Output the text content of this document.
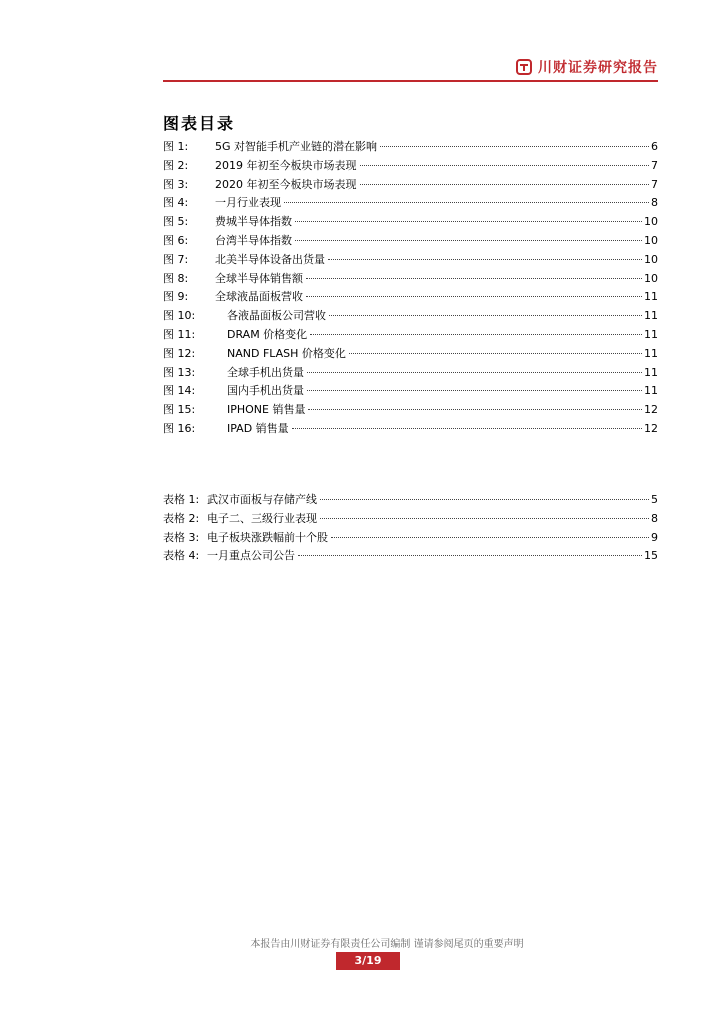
川财证券研究报告
图表目录
图 1:	5G 对智能手机产业链的潜在影响	6
图 2:	2019 年初至今板块市场表现	7
图 3:	2020 年初至今板块市场表现	7
图 4:	一月行业表现	8
图 5:	费城半导体指数	10
图 6:	台湾半导体指数	10
图 7:	北美半导体设备出货量	10
图 8:	全球半导体销售额	10
图 9:	全球液晶面板营收	11
图 10:	各液晶面板公司营收	11
图 11:	DRAM 价格变化	11
图 12:	NAND FLASH 价格变化	11
图 13:	全球手机出货量	11
图 14:	国内手机出货量	11
图 15:	IPHONE 销售量	12
图 16:	IPAD 销售量	12
表格 1: 武汉市面板与存储产线	5
表格 2: 电子二、三级行业表现	8
表格 3: 电子板块涨跌幅前十个股	9
表格 4: 一月重点公司公告	15
本报告由川财证券有限责任公司编制 谨请参阅尾页的重要声明
3/19
